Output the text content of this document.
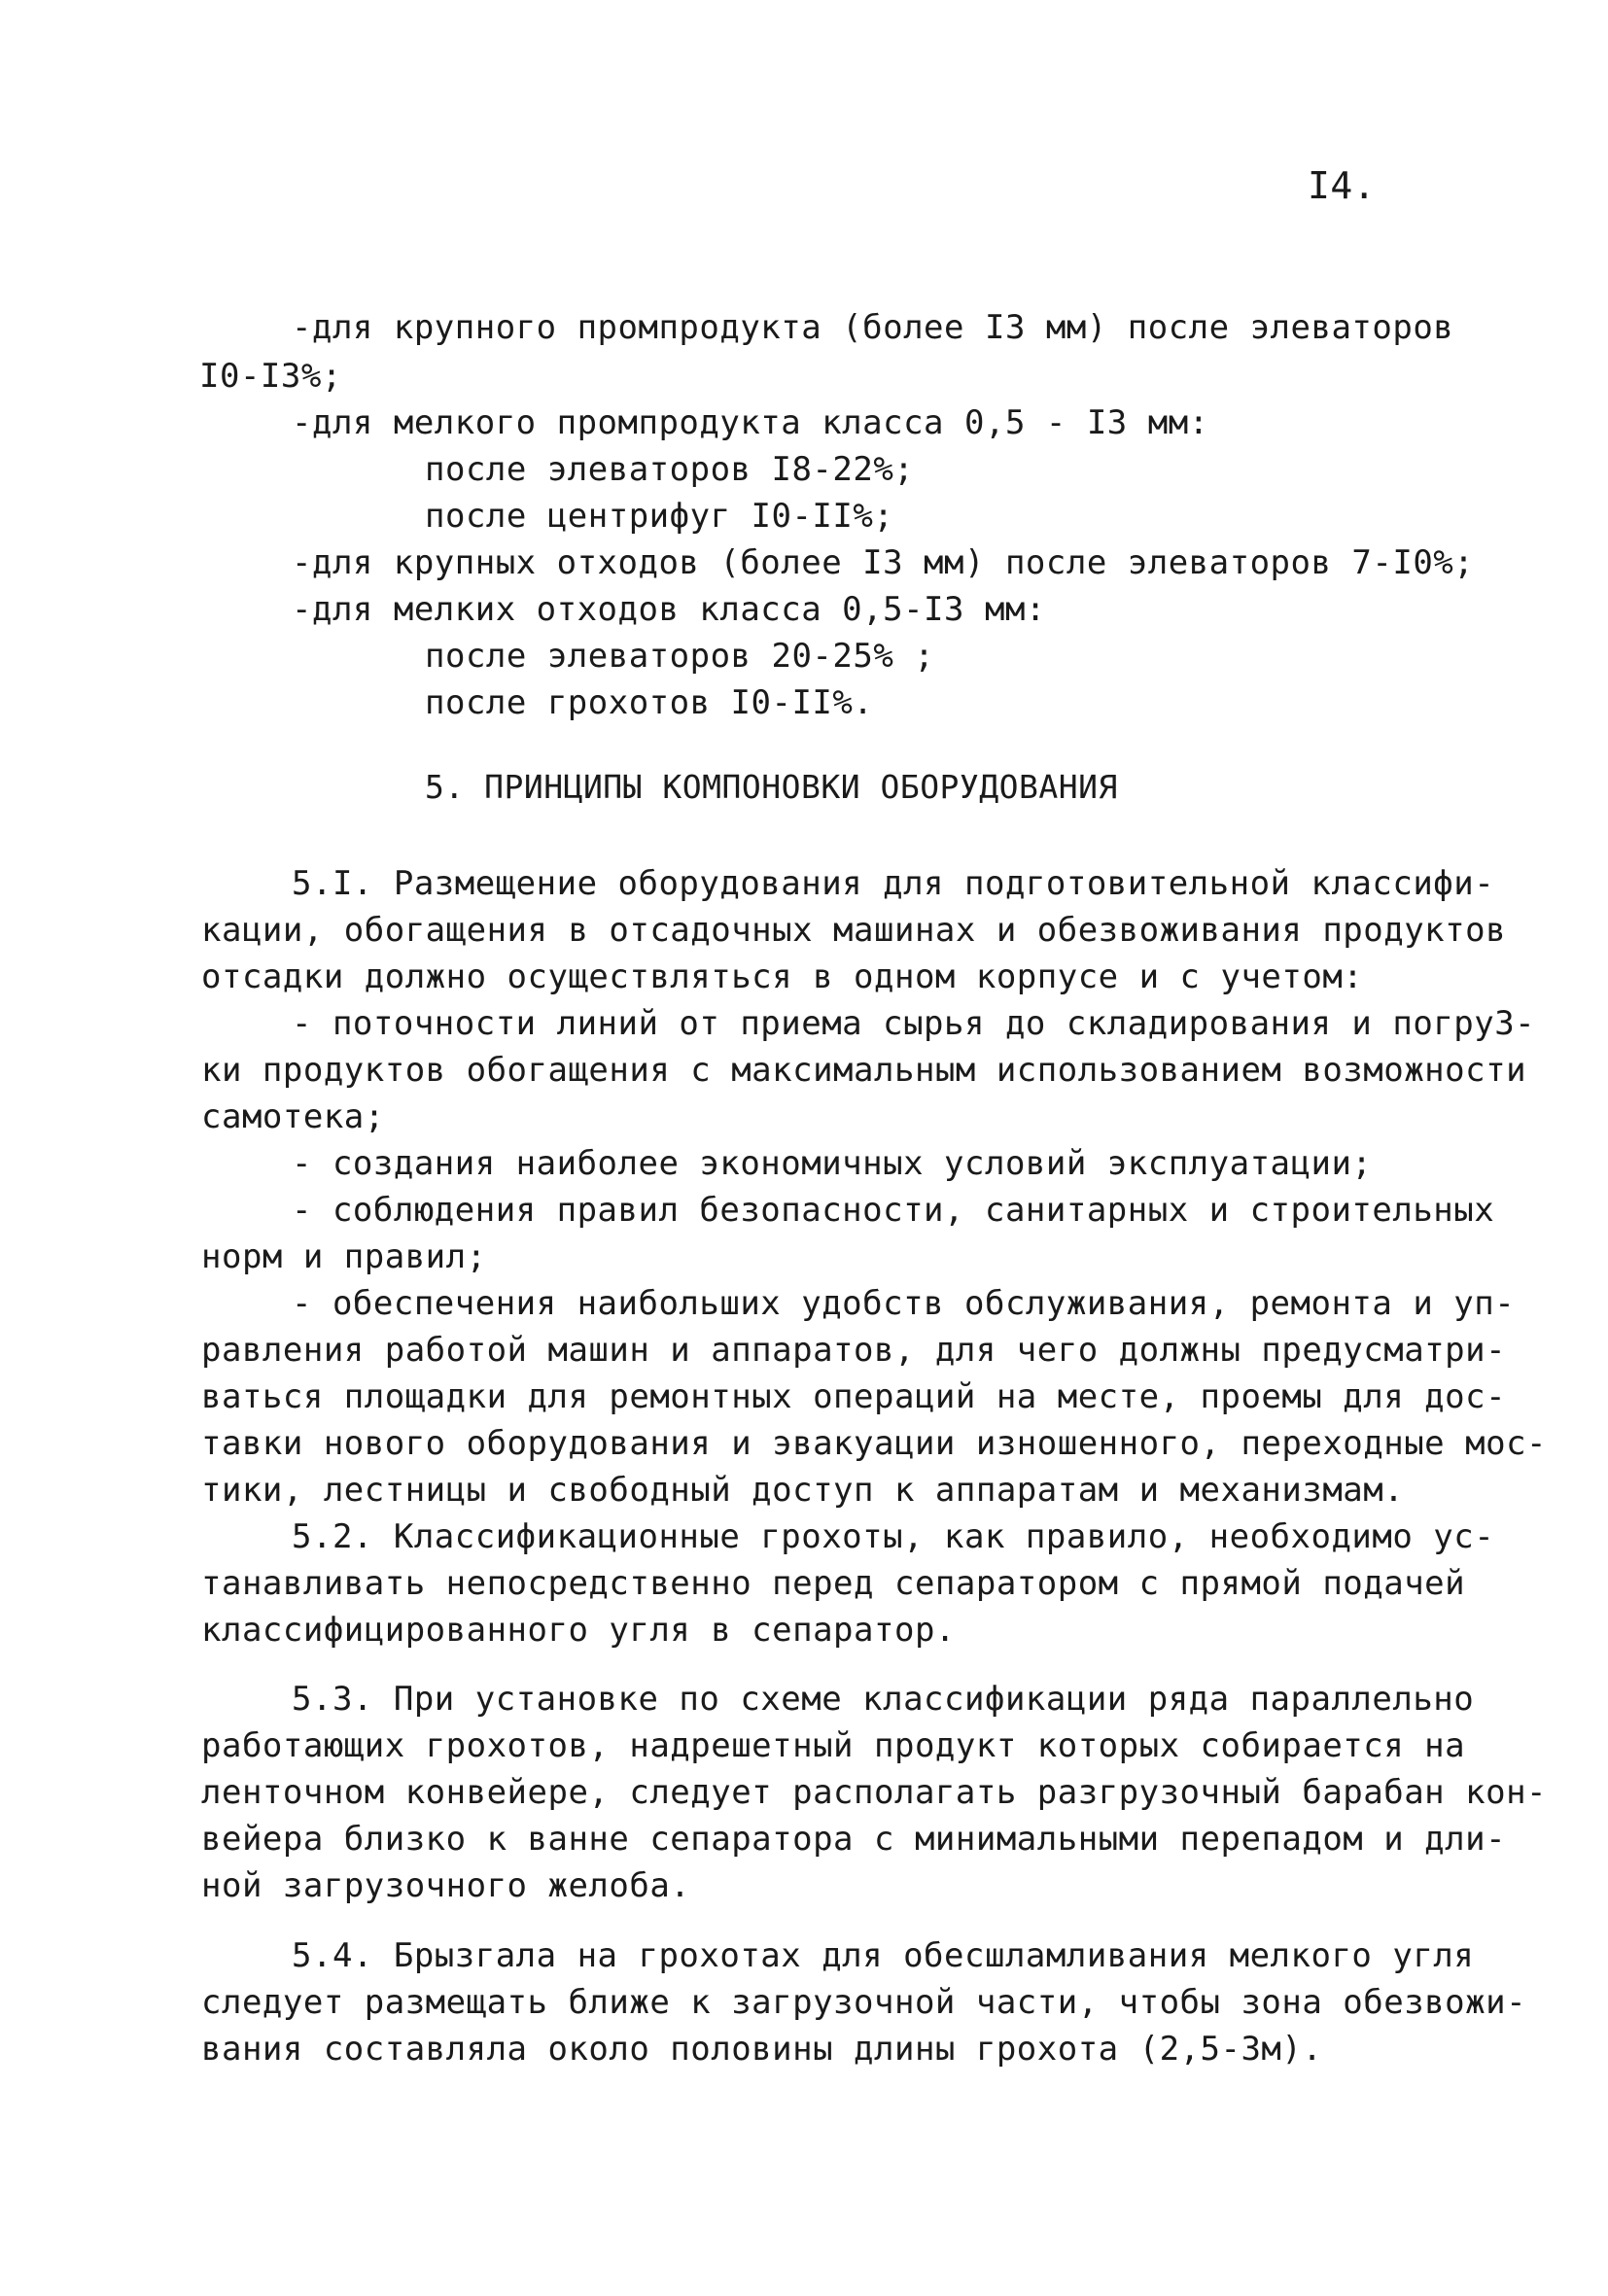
I4.
-для крупного промпродукта (более I3 мм) после элеваторов
I0-I3%;
-для мелкого промпродукта класса 0,5 - I3 мм:
после элеваторов I8-22%;
после центрифуг I0-II%;
-для крупных отходов (более I3 мм) после элеваторов 7-I0%;
-для мелких отходов класса 0,5-I3 мм:
после элеваторов 20-25% ;
после грохотов I0-II%.
5. ПРИНЦИПЫ КОМПОНОВКИ ОБОРУДОВАНИЯ
5.I. Размещение оборудования для подготовительной классифи-
кации, обогащения в отсадочных машинах и обезвоживания продуктов
отсадки должно осуществляться в одном корпусе и с учетом:
- поточности линий от приема сырья до складирования и погру3-
ки продуктов обогащения с максимальным использованием возможности
самотека;
- создания наиболее экономичных условий эксплуатации;
- соблюдения правил безопасности, санитарных и строительных
норм и правил;
- обеспечения наибольших удобств обслуживания, ремонта и уп-
равления работой машин и аппаратов, для чего должны предусматри-
ваться площадки для ремонтных операций на месте, проемы для дос-
тавки нового оборудования и эвакуации изношенного, переходные мос-
тики, лестницы и свободный доступ к аппаратам и механизмам.
5.2. Классификационные грохоты, как правило, необходимо ус-
танавливать непосредственно перед сепаратором с прямой подачей
классифицированного угля в сепаратор.
5.3. При установке по схеме классификации ряда параллельно
работающих грохотов, надрешетный продукт которых собирается на
ленточном конвейере, следует располагать разгрузочный барабан кон-
вейера близко к ванне сепаратора с минимальными перепадом и дли-
ной загрузочного желоба.
5.4. Брызгала на грохотах для обесшламливания мелкого угля
следует размещать ближе к загрузочной части, чтобы зона обезвожи-
вания составляла около половины длины грохота (2,5-3м).
